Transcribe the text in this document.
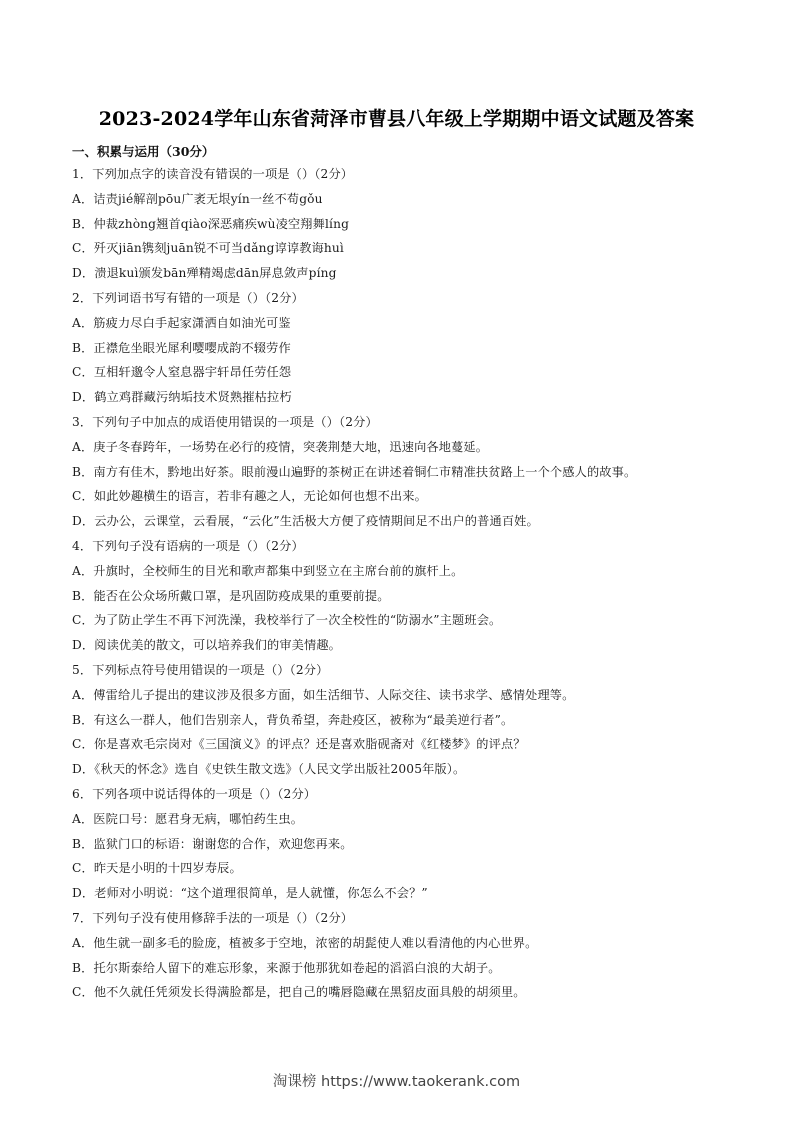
2023-2024学年山东省菏泽市曹县八年级上学期期中语文试题及答案
一、积累与运用（30分）
1．下列加点字的读音没有错误的一项是（）（2分）
A．诘责jié解剖pōu广袤无垠yín一丝不苟gǒu
B．仲裁zhòng翘首qiào深恶痛疾wù凌空翔舞líng
C．歼灭jiān镌刻juān锐不可当dǎng谆谆教诲huì
D．溃退kuì颁发bān殚精竭虑dān屏息敛声píng
2．下列词语书写有错的一项是（）（2分）
A．筋疲力尽白手起家潇洒自如油光可鉴
B．正襟危坐眼光犀利嘤嘤成韵不辍劳作
C．互相轩邈令人窒息器宇轩昂任劳任怨
D．鹤立鸡群藏污纳垢技术贤熟摧枯拉朽
3．下列句子中加点的成语使用错误的一项是（）（2分）
A．庚子冬春跨年，一场势在必行的疫情，突袭荆楚大地，迅速向各地蔓延。
B．南方有佳木，黔地出好茶。眼前漫山遍野的茶树正在讲述着铜仁市精准扶贫路上一个个感人的故事。
C．如此妙趣横生的语言，若非有趣之人，无论如何也想不出来。
D．云办公，云课堂，云看展，“云化”生活极大方便了疫情期间足不出户的普通百姓。
4．下列句子没有语病的一项是（）（2分）
A．升旗时，全校师生的目光和歌声都集中到竖立在主席台前的旗杆上。
B．能否在公众场所戴口罩，是巩固防疫成果的重要前提。
C．为了防止学生不再下河洗澡，我校举行了一次全校性的“防溺水”主题班会。
D．阅读优美的散文，可以培养我们的审美情趣。
5．下列标点符号使用错误的一项是（）（2分）
A．傅雷给儿子提出的建议涉及很多方面，如生活细节、人际交往、读书求学、感情处理等。
B．有这么一群人，他们告别亲人，背负希望，奔赴疫区，被称为“最美逆行者”。
C．你是喜欢毛宗岗对《三国演义》的评点？还是喜欢脂砚斋对《红楼梦》的评点？
D．《秋天的怀念》选自《史铁生散文选》（人民文学出版社2005年版）。
6．下列各项中说话得体的一项是（）（2分）
A．医院口号：愿君身无病，哪怕药生虫。
B．监狱门口的标语：谢谢您的合作，欢迎您再来。
C．昨天是小明的十四岁寿辰。
D．老师对小明说：“这个道理很简单，是人就懂，你怎么不会？”
7．下列句子没有使用修辞手法的一项是（）（2分）
A．他生就一副多毛的脸庞，植被多于空地，浓密的胡髭使人难以看清他的内心世界。
B．托尔斯泰给人留下的难忘形象，来源于他那犹如卷起的滔滔白浪的大胡子。
C．他不久就任凭须发长得满脸都是，把自己的嘴唇隐藏在黑貂皮面具般的胡须里。
淘课榜 https://www.taokerank.com
